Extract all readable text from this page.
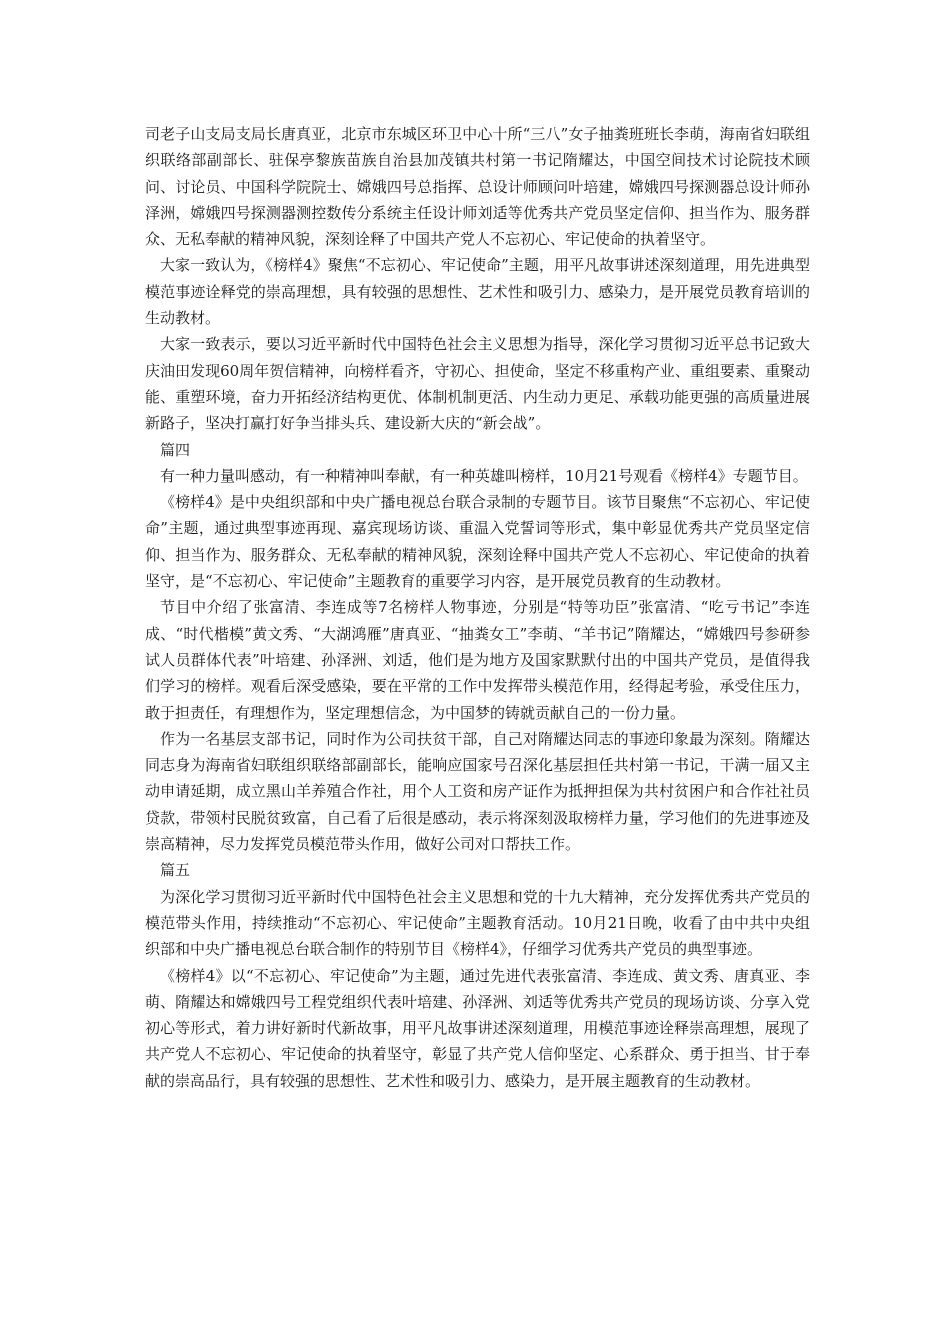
司老子山支局支局长唐真亚，北京市东城区环卫中心十所“三八”女子抽粪班班长李萌，海南省妇联组织联络部副部长、驻保亭黎族苗族自治县加茂镇共村第一书记隋耀达，中国空间技术讨论院技术顾问、讨论员、中国科学院院士、嫦娥四号总指挥、总设计师顾问叶培建，嫦娥四号探测器总设计师孙泽洲，嫦娥四号探测器测控数传分系统主任设计师刘适等优秀共产党员坚定信仰、担当作为、服务群众、无私奉献的精神风貌，深刻诠释了中国共产党人不忘初心、牢记使命的执着坚守。

大家一致认为，《榜样4》聚焦“不忘初心、牢记使命”主题，用平凡故事讲述深刻道理，用先进典型模范事迹诠释党的崇高理想，具有较强的思想性、艺术性和吸引力、感染力，是开展党员教育培训的生动教材。

大家一致表示，要以习近平新时代中国特色社会主义思想为指导，深化学习贯彻习近平总书记致大庆油田发现60周年贺信精神，向榜样看齐，守初心、担使命，坚定不移重构产业、重组要素、重聚动能、重塑环境，奋力开拓经济结构更优、体制机制更活、内生动力更足、承载功能更强的高质量进展新路子，坚决打赢打好争当排头兵、建设新大庆的“新会战”。

篇四

有一种力量叫感动，有一种精神叫奉献，有一种英雄叫榜样，10月21号观看《榜样4》专题节目。

《榜样4》是中央组织部和中央广播电视总台联合录制的专题节目。该节目聚焦“不忘初心、牢记使命”主题，通过典型事迹再现、嘉宾现场访谈、重温入党誓词等形式，集中彰显优秀共产党员坚定信仰、担当作为、服务群众、无私奉献的精神风貌，深刻诠释中国共产党人不忘初心、牢记使命的执着坚守，是“不忘初心、牢记使命”主题教育的重要学习内容，是开展党员教育的生动教材。

节目中介绍了张富清、李连成等7名榜样人物事迹，分别是“特等功臣”张富清、“吃亏书记”李连成、“时代楷模”黄文秀、“大湖鸿雁”唐真亚、“抽粪女工”李萌、“羊书记”隋耀达，“嫦娥四号参研参试人员群体代表”叶培建、孙泽洲、刘适，他们是为地方及国家默默付出的中国共产党员，是值得我们学习的榜样。观看后深受感染，要在平常的工作中发挥带头模范作用，经得起考验，承受住压力，敢于担责任，有理想作为，坚定理想信念，为中国梦的铸就贡献自己的一份力量。

作为一名基层支部书记，同时作为公司扶贫干部，自己对隋耀达同志的事迹印象最为深刻。隋耀达同志身为海南省妇联组织联络部副部长，能响应国家号召深化基层担任共村第一书记，干满一届又主动申请延期，成立黑山羊养殖合作社，用个人工资和房产证作为抵押担保为共村贫困户和合作社社员贷款，带领村民脱贫致富，自己看了后很是感动，表示将深刻汲取榜样力量，学习他们的先进事迹及崇高精神，尽力发挥党员模范带头作用，做好公司对口帮扶工作。

篇五

为深化学习贯彻习近平新时代中国特色社会主义思想和党的十九大精神，充分发挥优秀共产党员的模范带头作用，持续推动“不忘初心、牢记使命”主题教育活动。10月21日晚，收看了由中共中央组织部和中央广播电视总台联合制作的特别节目《榜样4》，仔细学习优秀共产党员的典型事迹。

《榜样4》以“不忘初心、牢记使命”为主题，通过先进代表张富清、李连成、黄文秀、唐真亚、李萌、隋耀达和嫦娥四号工程党组织代表叶培建、孙泽洲、刘适等优秀共产党员的现场访谈、分享入党初心等形式，着力讲好新时代新故事，用平凡故事讲述深刻道理，用模范事迹诠释崇高理想，展现了共产党人不忘初心、牢记使命的执着坚守，彰显了共产党人信仰坚定、心系群众、勇于担当、甘于奉献的崇高品行，具有较强的思想性、艺术性和吸引力、感染力，是开展主题教育的生动教材。
